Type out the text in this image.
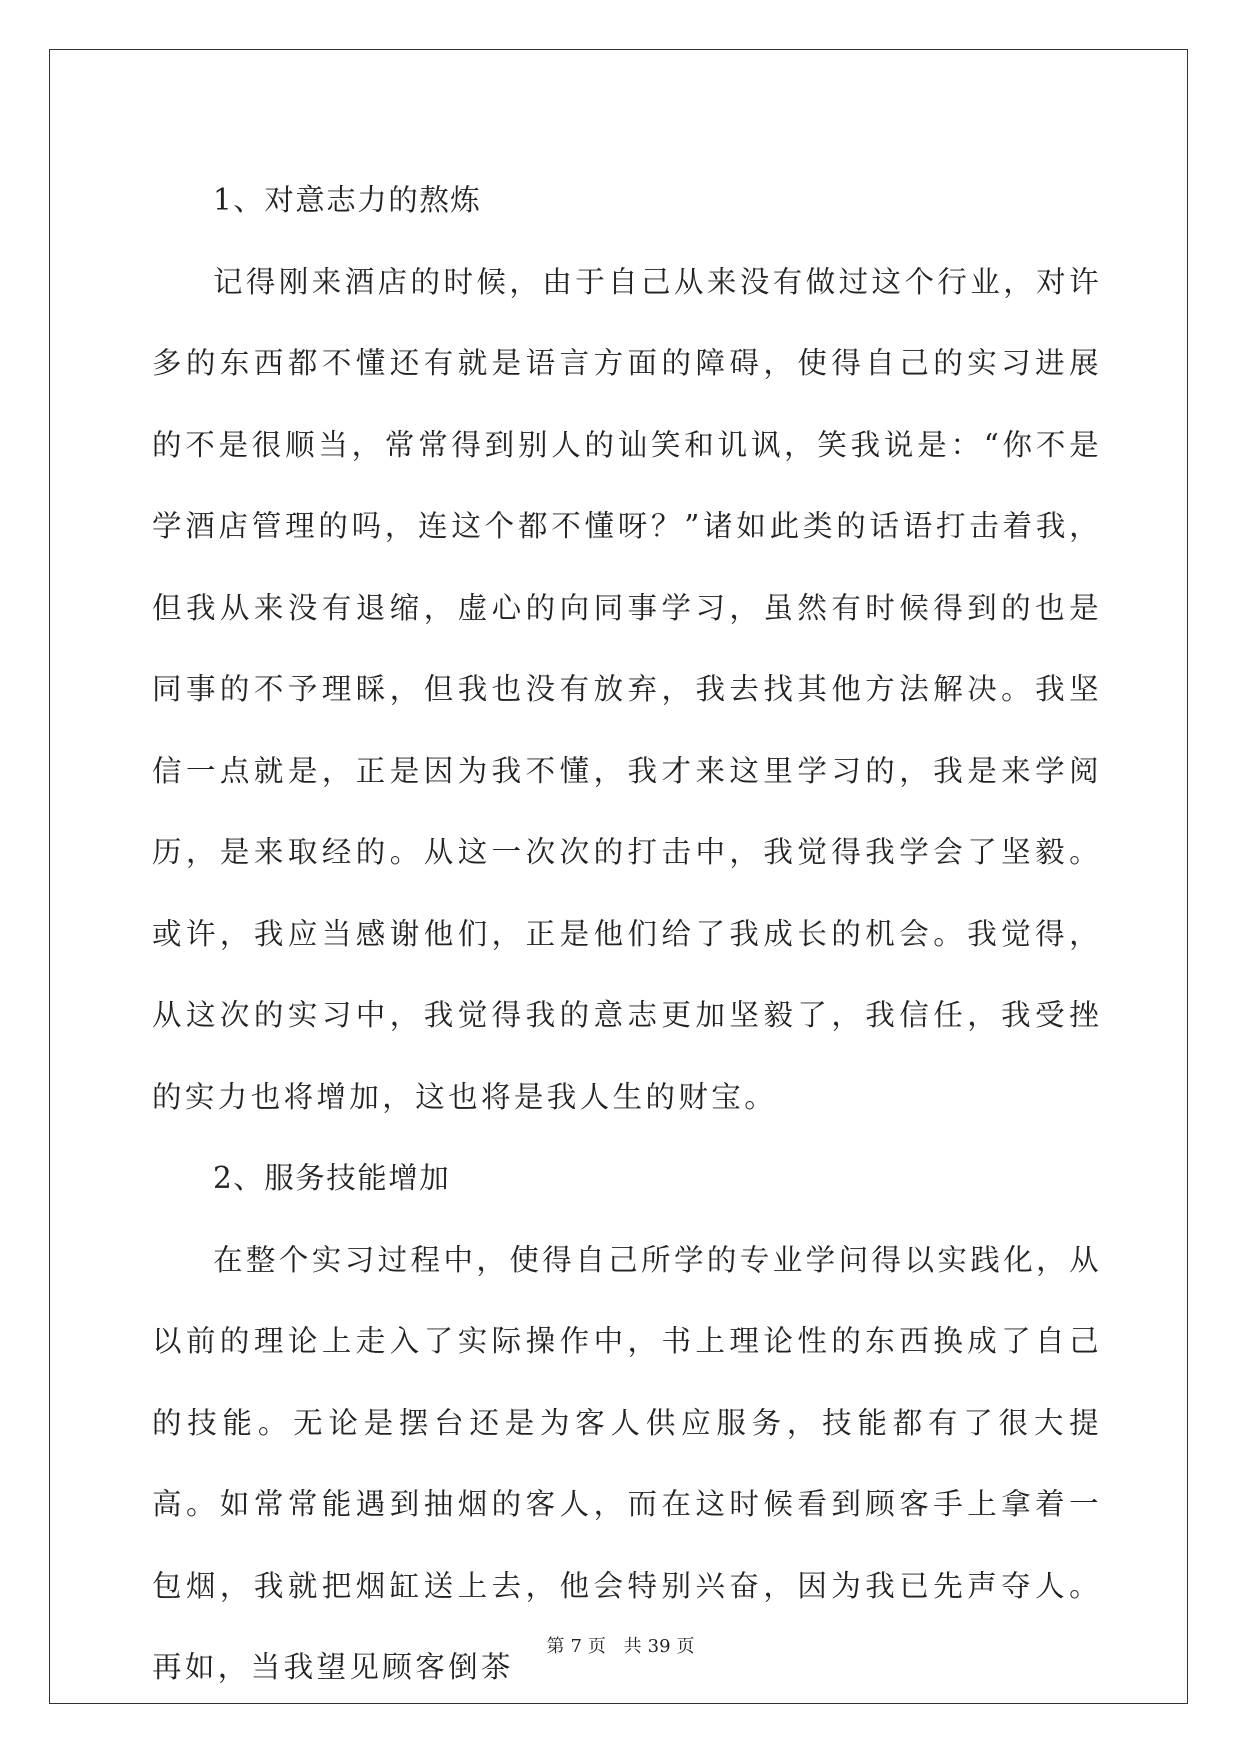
1、对意志力的熬炼

记得刚来酒店的时候，由于自己从来没有做过这个行业，对许多的东西都不懂还有就是语言方面的障碍，使得自己的实习进展的不是很顺当，常常得到别人的讪笑和讥讽，笑我说是：“你不是学酒店管理的吗，连这个都不懂呀？”诸如此类的话语打击着我，但我从来没有退缩，虚心的向同事学习，虽然有时候得到的也是同事的不予理睬，但我也没有放弃，我去找其他方法解决。我坚信一点就是，正是因为我不懂，我才来这里学习的，我是来学阅历，是来取经的。从这一次次的打击中，我觉得我学会了坚毅。或许，我应当感谢他们，正是他们给了我成长的机会。我觉得，从这次的实习中，我觉得我的意志更加坚毅了，我信任，我受挫的实力也将增加，这也将是我人生的财宝。

2、服务技能增加

在整个实习过程中，使得自己所学的专业学问得以实践化，从以前的理论上走入了实际操作中，书上理论性的东西换成了自己的技能。无论是摆台还是为客人供应服务，技能都有了很大提高。如常常能遇到抽烟的客人，而在这时候看到顾客手上拿着一包烟，我就把烟缸送上去，他会特别兴奋，因为我已先声夺人。再如，当我望见顾客倒茶

第 7 页 共 39 页
